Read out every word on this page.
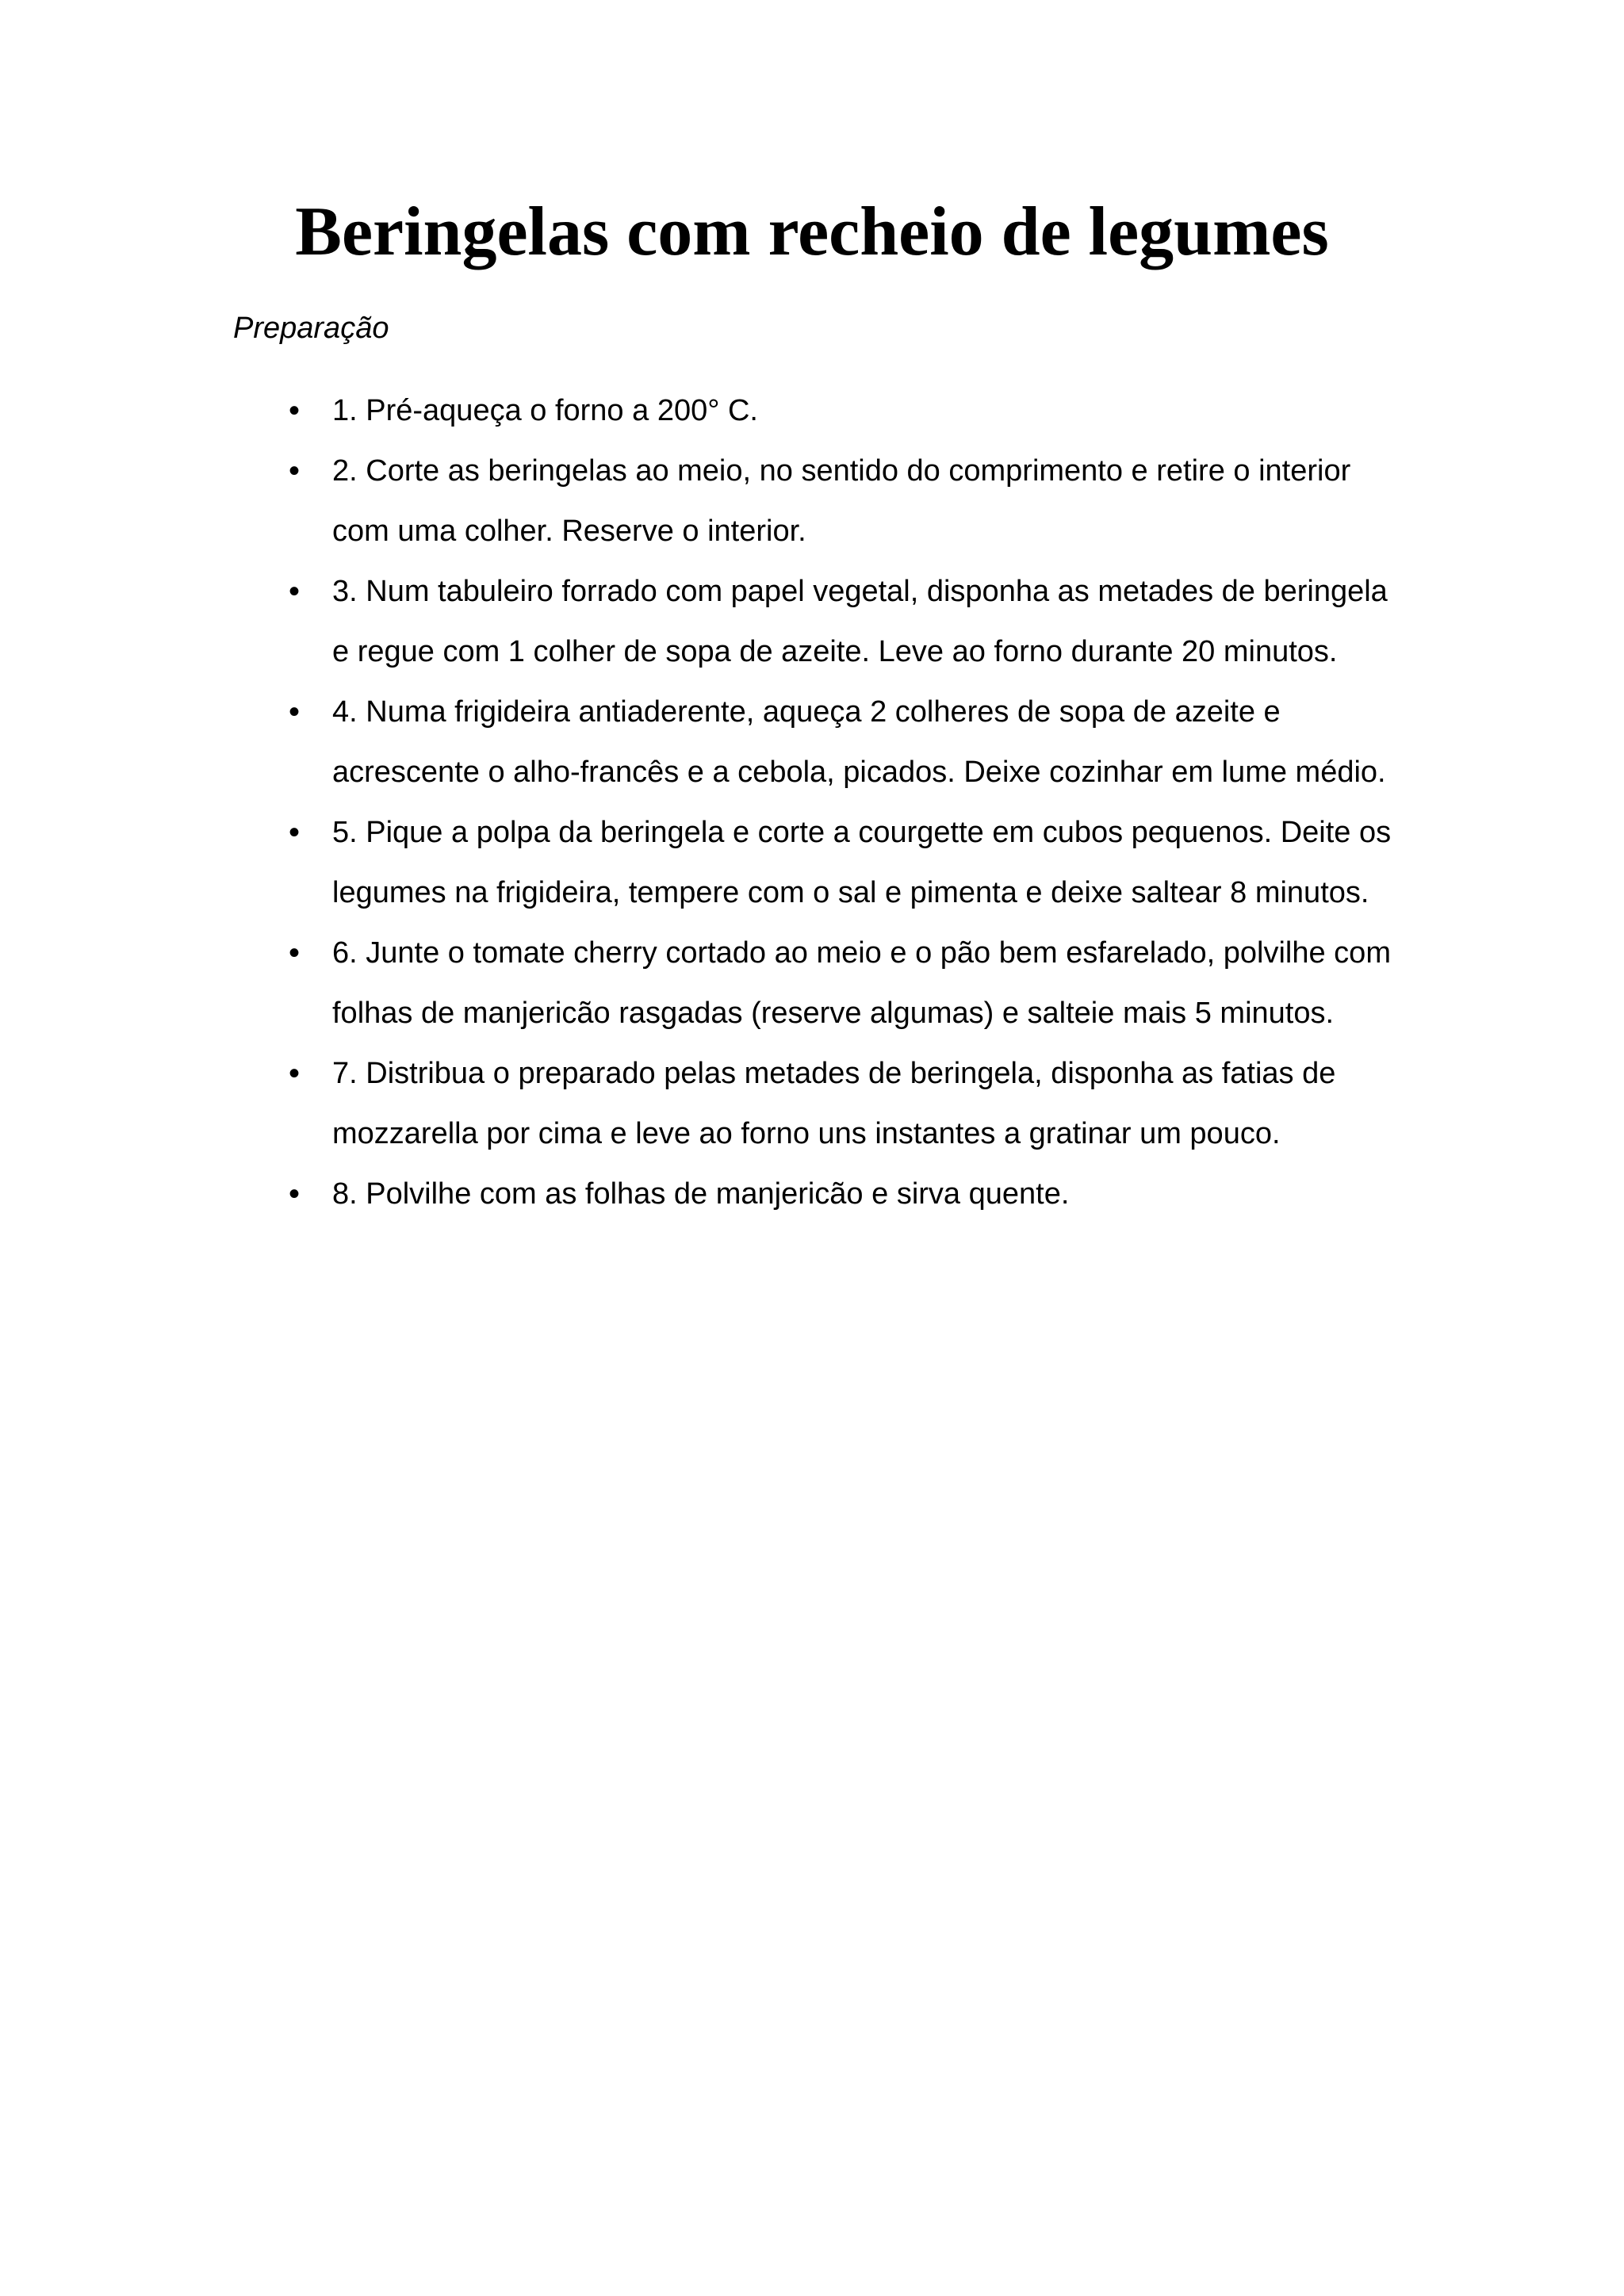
Beringelas com recheio de legumes

Preparação

• 1. Pré-aqueça o forno a 200° C.
• 2. Corte as beringelas ao meio, no sentido do comprimento e retire o interior com uma colher. Reserve o interior.
• 3. Num tabuleiro forrado com papel vegetal, disponha as metades de beringela e regue com 1 colher de sopa de azeite. Leve ao forno durante 20 minutos.
• 4. Numa frigideira antiaderente, aqueça 2 colheres de sopa de azeite e acrescente o alho-francês e a cebola, picados. Deixe cozinhar em lume médio.
• 5. Pique a polpa da beringela e corte a courgette em cubos pequenos. Deite os legumes na frigideira, tempere com o sal e pimenta e deixe saltear 8 minutos.
• 6. Junte o tomate cherry cortado ao meio e o pão bem esfarelado, polvilhe com folhas de manjericão rasgadas (reserve algumas) e salteie mais 5 minutos.
• 7. Distribua o preparado pelas metades de beringela, disponha as fatias de mozzarella por cima e leve ao forno uns instantes a gratinar um pouco.
• 8. Polvilhe com as folhas de manjericão e sirva quente.
